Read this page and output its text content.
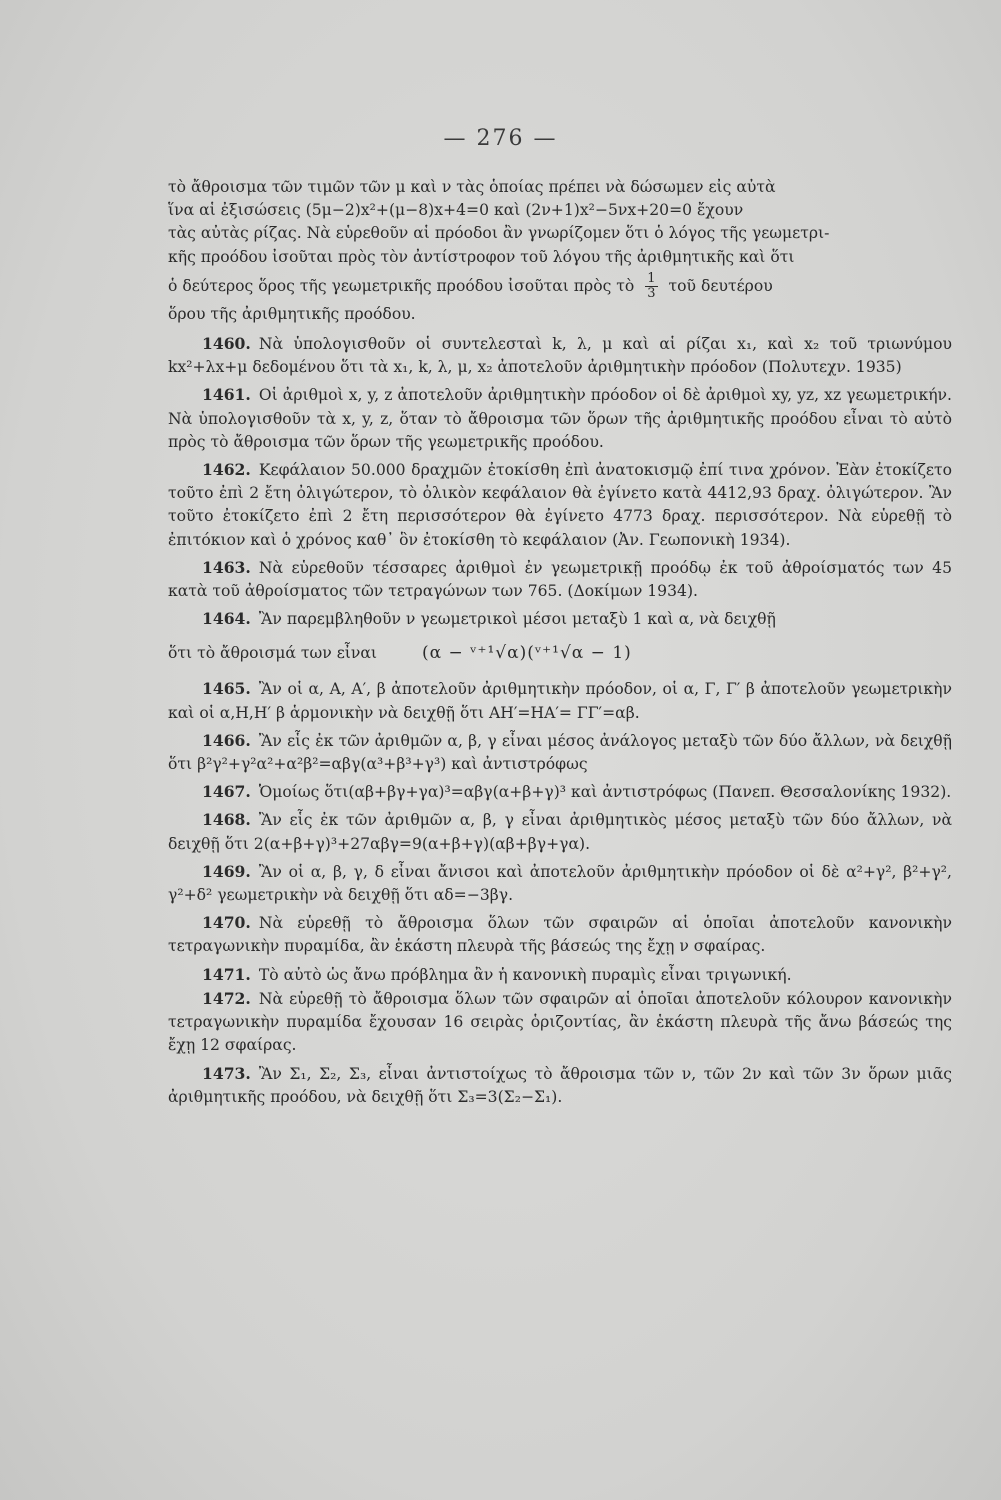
— 276 —

τὸ ἄθροισμα τῶν τιμῶν τῶν μ καὶ ν τὰς ὁποίας πρέπει νὰ δώσωμεν εἰς αὐτὰ

ἵνα αἱ ἐξισώσεις (5μ−2)x²+(μ−8)x+4=0 καὶ (2ν+1)x²−5νx+20=0 ἔχουν

τὰς αὐτὰς ρίζας. Νὰ εὑρεθοῦν αἱ πρόοδοι ἂν γνωρίζομεν ὅτι ὁ λόγος τῆς γεωμετρι-

κῆς προόδου ἰσοῦται πρὸς τὸν ἀντίστροφον τοῦ λόγου τῆς ἀριθμητικῆς καὶ ὅτι

ὁ δεύτερος ὅρος τῆς γεωμετρικῆς προόδου ἰσοῦται πρὸς τὸ $\frac{1}{3}$ τοῦ δευτέρου

ὅρου τῆς ἀριθμητικῆς προόδου.

1460. Νὰ ὑπολογισθοῦν οἱ συντελεσταὶ k, λ, μ καὶ αἱ ρίζαι x₁, καὶ x₂ τοῦ τριωνύμου kx²+λx+μ δεδομένου ὅτι τὰ x₁, k, λ, μ, x₂ ἀποτελοῦν ἀριθμητικὴν πρόοδον (Πολυτεχν. 1935)

1461. Οἱ ἀριθμοὶ x, y, z ἀποτελοῦν ἀριθμητικὴν πρόοδον οἱ δὲ ἀριθμοὶ xy, yz, xz γεωμετρικήν. Νὰ ὑπολογισθοῦν τὰ x, y, z, ὅταν τὸ ἄθροισμα τῶν ὅρων τῆς ἀριθμητικῆς προόδου εἶναι τὸ αὐτὸ πρὸς τὸ ἄθροισμα τῶν ὅρων τῆς γεωμετρικῆς προόδου.

1462. Κεφάλαιον 50.000 δραχμῶν ἐτοκίσθη ἐπὶ ἀνατοκισμῷ ἐπί τινα χρόνον. Ἐὰν ἐτοκίζετο τοῦτο ἐπὶ 2 ἔτη ὀλιγώτερον, τὸ ὀλικὸν κεφάλαιον θὰ ἐγίνετο κατὰ 4412,93 δραχ. ὀλιγώτερον. Ἂν τοῦτο ἐτοκίζετο ἐπὶ 2 ἔτη περισσότερον θὰ ἐγίνετο 4773 δραχ. περισσότερον. Νὰ εὑρεθῇ τὸ ἐπιτόκιον καὶ ὁ χρόνος καθ᾽ ὃν ἐτοκίσθη τὸ κεφάλαιον (Ἀν. Γεωπονικὴ 1934).

1463. Νὰ εὑρεθοῦν τέσσαρες ἀριθμοὶ ἐν γεωμετρικῇ προόδῳ ἐκ τοῦ ἀθροίσματός των 45 κατὰ τοῦ ἀθροίσματος τῶν τετραγώνων των 765. (Δοκίμων 1934).

1464. Ἂν παρεμβληθοῦν ν γεωμετρικοὶ μέσοι μεταξὺ 1 καὶ α, νὰ δειχθῇ

ὅτι τὸ ἄθροισμά των εἶναι	(α − ᵛ⁺¹√α)(ᵛ⁺¹√α − 1)

1465. Ἂν οἱ α, Α, Α′, β ἀποτελοῦν ἀριθμητικὴν πρόοδον, οἱ α, Γ, Γ′ β ἀποτελοῦν γεωμετρικὴν καὶ οἱ α,Η,Η′ β ἁρμονικὴν νὰ δειχθῇ ὅτι ΑΗ′=ΗΑ′= ΓΓ′=αβ.

1466. Ἂν εἷς ἐκ τῶν ἀριθμῶν α, β, γ εἶναι μέσος ἀνάλογος μεταξὺ τῶν δύο ἄλλων, νὰ δειχθῇ ὅτι β²γ²+γ²α²+α²β²=αβγ(α³+β³+γ³) καὶ ἀντιστρόφως

1467. Ὁμοίως ὅτι(αβ+βγ+γα)³=αβγ(α+β+γ)³ καὶ ἀντιστρόφως (Πανεπ. Θεσσαλονίκης 1932).

1468. Ἂν εἷς ἐκ τῶν ἀριθμῶν α, β, γ εἶναι ἀριθμητικὸς μέσος μεταξὺ τῶν δύο ἄλλων, νὰ δειχθῇ ὅτι 2(α+β+γ)³+27αβγ=9(α+β+γ)(αβ+βγ+γα).

1469. Ἂν οἱ α, β, γ, δ εἶναι ἄνισοι καὶ ἀποτελοῦν ἀριθμητικὴν πρόοδον οἱ δὲ α²+γ², β²+γ², γ²+δ² γεωμετρικὴν νὰ δειχθῇ ὅτι αδ=−3βγ.

1470. Νὰ εὑρεθῇ τὸ ἄθροισμα ὅλων τῶν σφαιρῶν αἱ ὁποῖαι ἀποτελοῦν κανονικὴν τετραγωνικὴν πυραμίδα, ἂν ἑκάστη πλευρὰ τῆς βάσεώς της ἔχῃ ν σφαίρας.

1471. Τὸ αὐτὸ ὡς ἄνω πρόβλημα ἂν ἡ κανονικὴ πυραμὶς εἶναι τριγωνική.

1472. Νὰ εὑρεθῇ τὸ ἄθροισμα ὅλων τῶν σφαιρῶν αἱ ὁποῖαι ἀποτελοῦν κόλουρον κανονικὴν τετραγωνικὴν πυραμίδα ἔχουσαν 16 σειρὰς ὁριζοντίας, ἂν ἑκάστη πλευρὰ τῆς ἄνω βάσεώς της ἔχῃ 12 σφαίρας.

1473. Ἂν Σ₁, Σ₂, Σ₃, εἶναι ἀντιστοίχως τὸ ἄθροισμα τῶν ν, τῶν 2ν καὶ τῶν 3ν ὅρων μιᾶς ἀριθμητικῆς προόδου, νὰ δειχθῇ ὅτι Σ₃=3(Σ₂−Σ₁).
